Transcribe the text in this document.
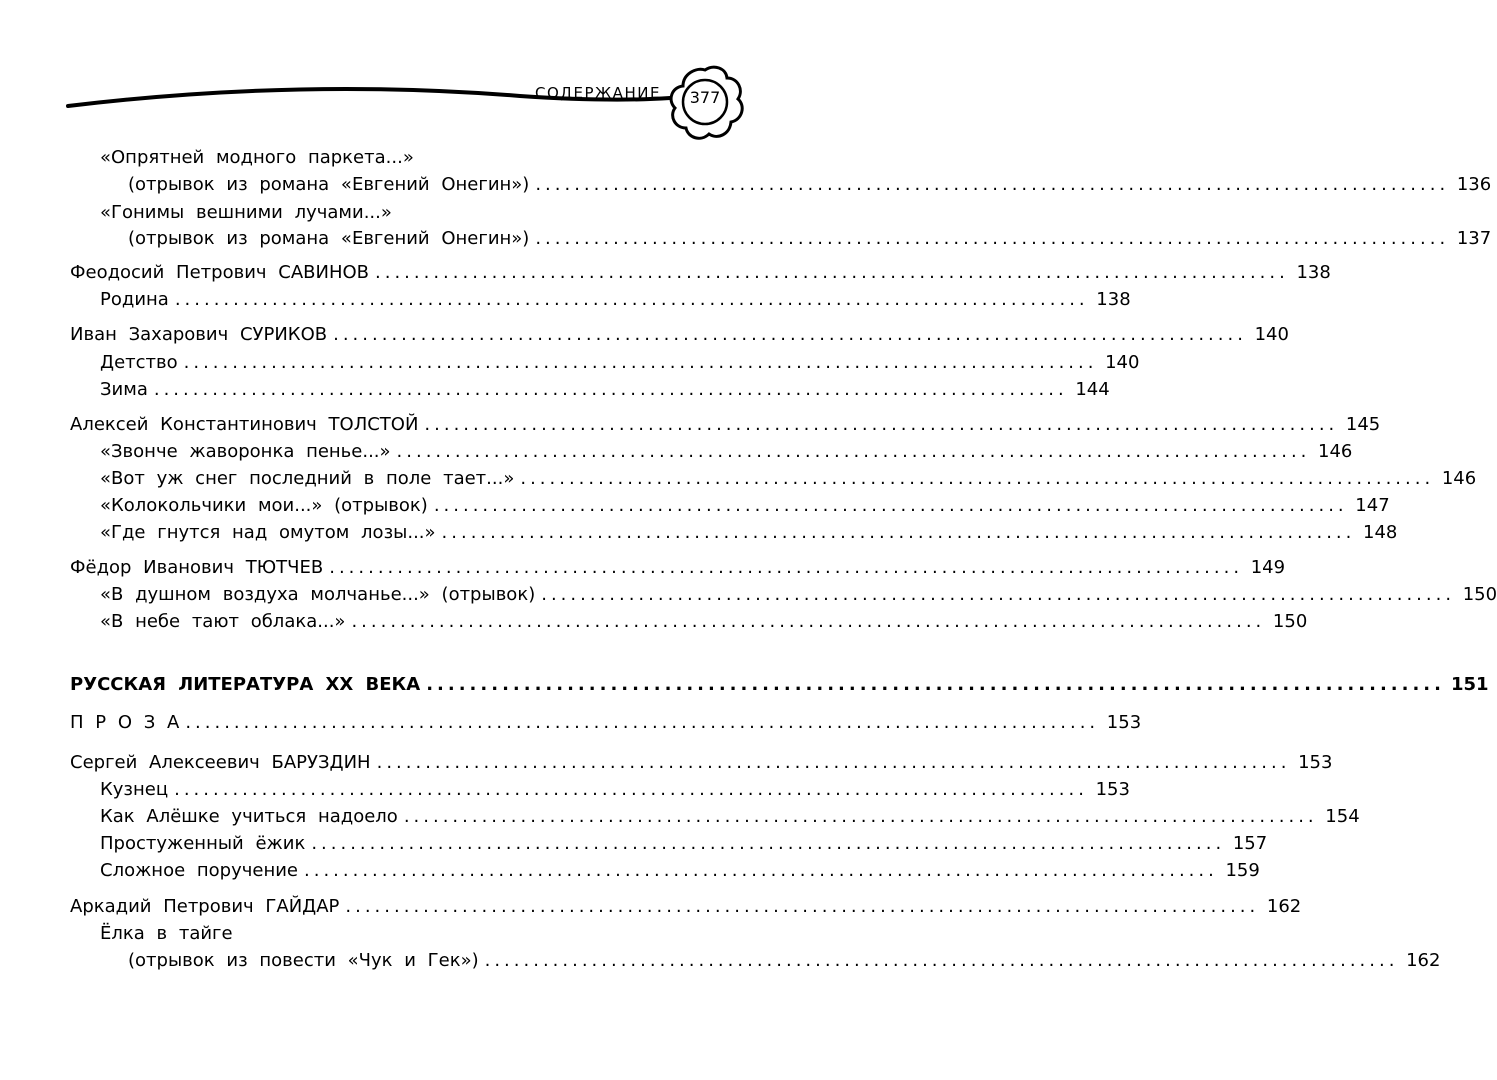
СОДЕРЖАНИЕ	377
«Опрятней модного паркета...»
(отрывок из романа «Евгений Онегин») .............................................................................................. 136
«Гонимы вешними лучами...»
(отрывок из романа «Евгений Онегин») .............................................................................................. 137
Феодосий Петрович САВИНОВ .............................................................................................. 138
Родина .............................................................................................. 138
Иван Захарович СУРИКОВ .............................................................................................. 140
Детство .............................................................................................. 140
Зима .............................................................................................. 144
Алексей Константинович ТОЛСТОЙ .............................................................................................. 145
«Звонче жаворонка пенье...» .............................................................................................. 146
«Вот уж снег последний в поле тает...» .............................................................................................. 146
«Колокольчики мои...» (отрывок) .............................................................................................. 147
«Где гнутся над омутом лозы...» .............................................................................................. 148
Фёдор Иванович ТЮТЧЕВ .............................................................................................. 149
«В душном воздуха молчанье...» (отрывок) .............................................................................................. 150
«В небе тают облака...» .............................................................................................. 150
РУССКАЯ ЛИТЕРАТУРА XX ВЕКА .............................................................................................. 151
П Р О З А .............................................................................................. 153
Сергей Алексеевич БАРУЗДИН .............................................................................................. 153
Кузнец .............................................................................................. 153
Как Алёшке учиться надоело .............................................................................................. 154
Простуженный ёжик .............................................................................................. 157
Сложное поручение .............................................................................................. 159
Аркадий Петрович ГАЙДАР .............................................................................................. 162
Ёлка в тайге
(отрывок из повести «Чук и Гек») .............................................................................................. 162
